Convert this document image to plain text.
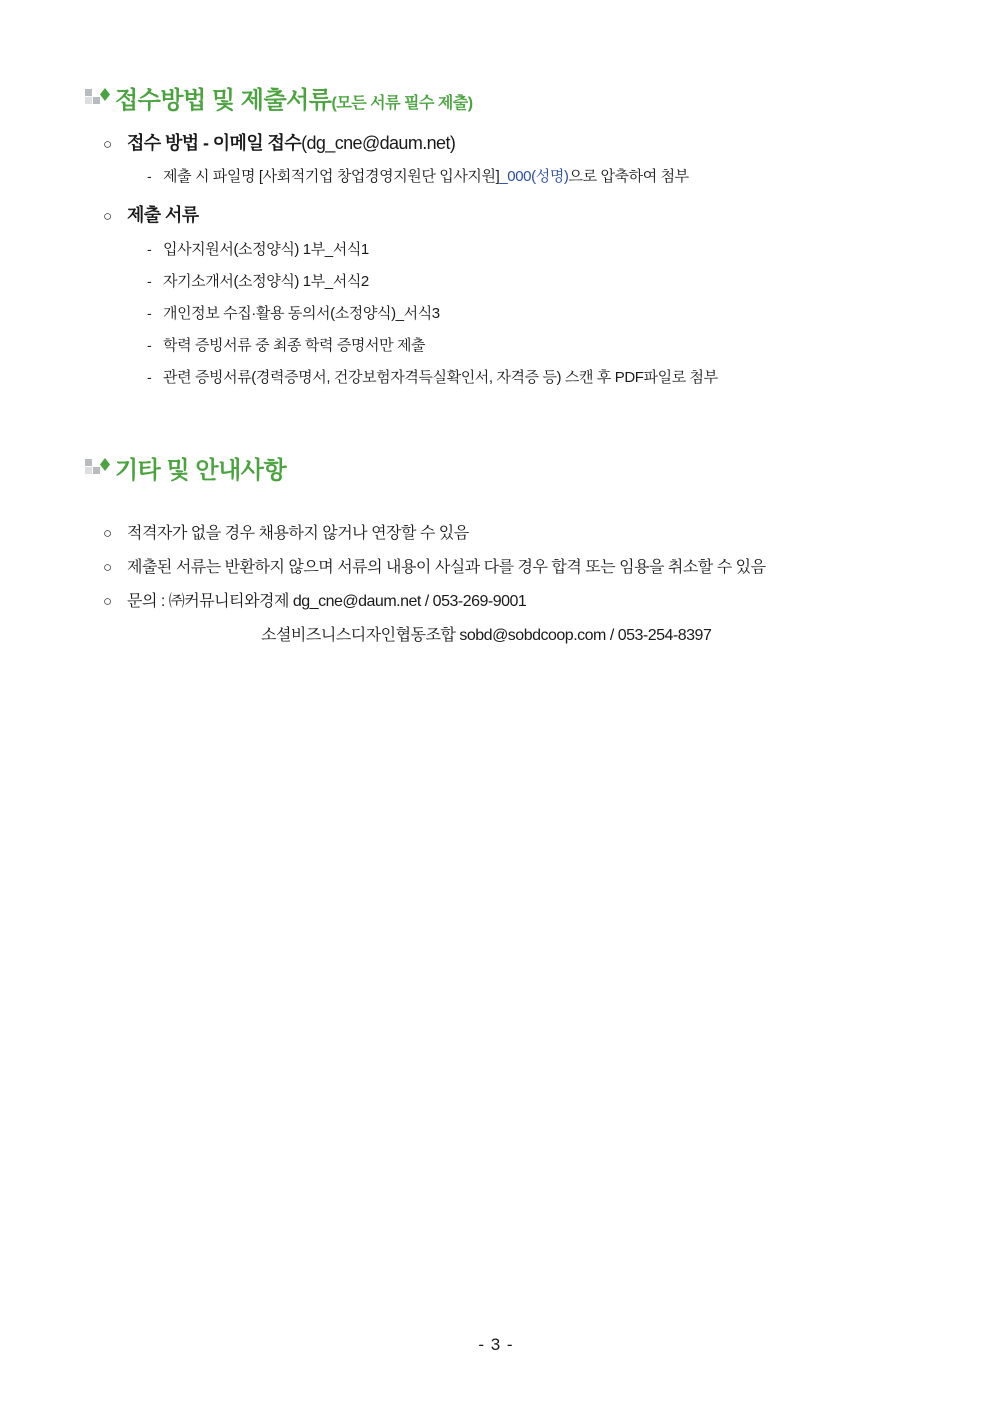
접수방법 및 제출서류 (모든 서류 필수 제출)
○ 접수 방법 - 이메일 접수(dg_cne@daum.net)
- 제출 시 파일명 [사회적기업 창업경영지원단 입사지원]_000(성명)으로 압축하여 첨부
○ 제출 서류
- 입사지원서(소정양식) 1부_서식1
- 자기소개서(소정양식) 1부_서식2
- 개인정보 수집·활용 동의서(소정양식)_서식3
- 학력 증빙서류 중 최종 학력 증명서만 제출
- 관련 증빙서류(경력증명서, 건강보험자격득실확인서, 자격증 등) 스캔 후 PDF파일로 첨부
기타 및 안내사항
○ 적격자가 없을 경우 채용하지 않거나 연장할 수 있음
○ 제출된 서류는 반환하지 않으며 서류의 내용이 사실과 다를 경우 합격 또는 임용을 취소할 수 있음
○ 문의 : ㈜커뮤니티와경제 dg_cne@daum.net / 053-269-9001
소셜비즈니스디자인협동조합 sobd@sobdcoop.com / 053-254-8397
- 3 -
